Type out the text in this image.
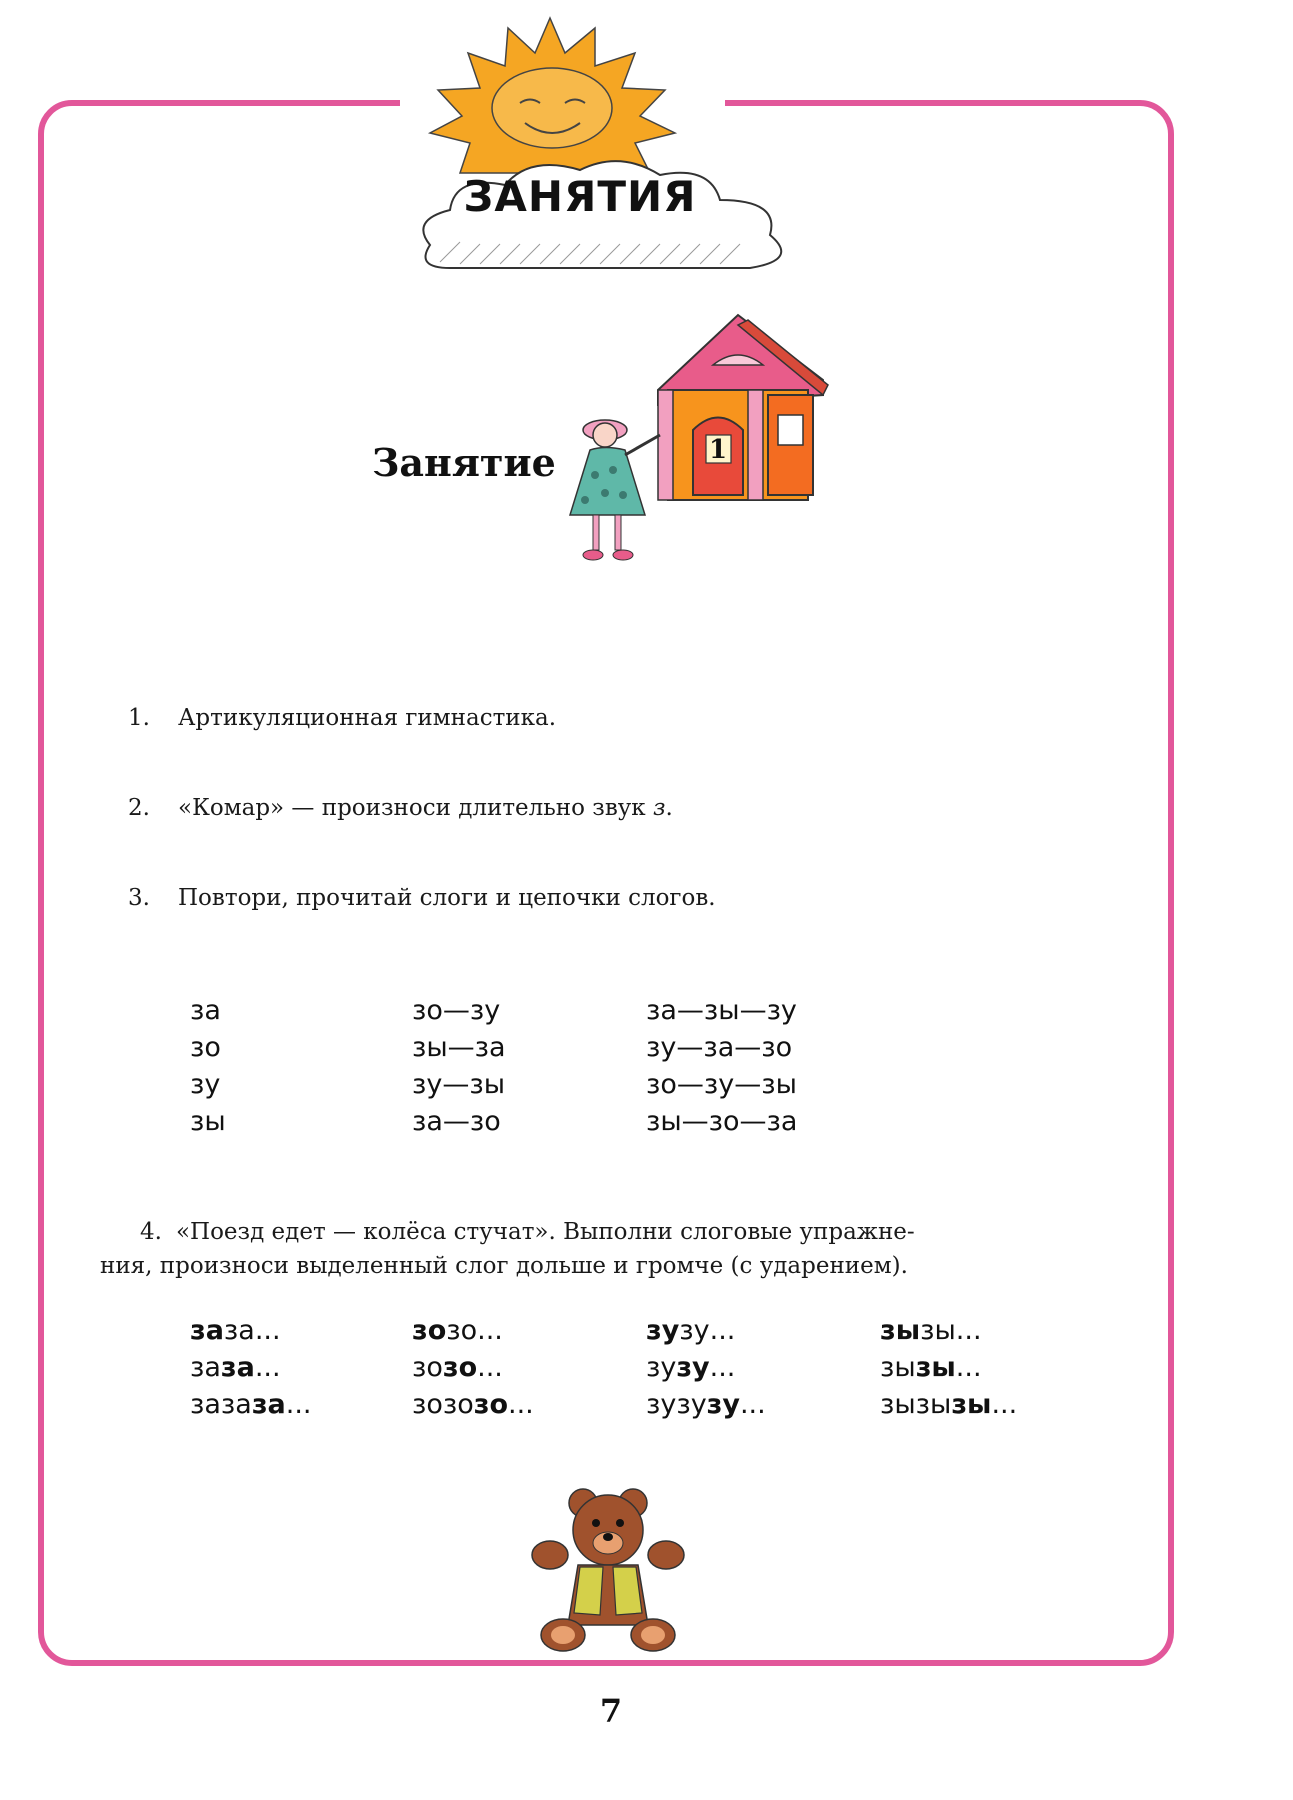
ЗАНЯТИЯ
Занятие	1
1. Артикуляционная гимнастика.
2. «Комар» — произноси длительно звук з.
3. Повтори, прочитай слоги и цепочки слогов.
за
зо
зу
зы
зо—зу
зы—за
зу—зы
за—зо
за—зы—зу
зу—за—зо
зо—зу—зы
зы—зо—за
4. «Поезд едет — колёса стучат». Выполни слоговые упражне-
ния, произноси выделенный слог дольше и громче (с ударением).
заза...
заза...
зaзаза...
зозо...
зозо...
зозозо...
зузу...
зузу...
зузузу...
зызы...
зызы...
зызызы...
7
